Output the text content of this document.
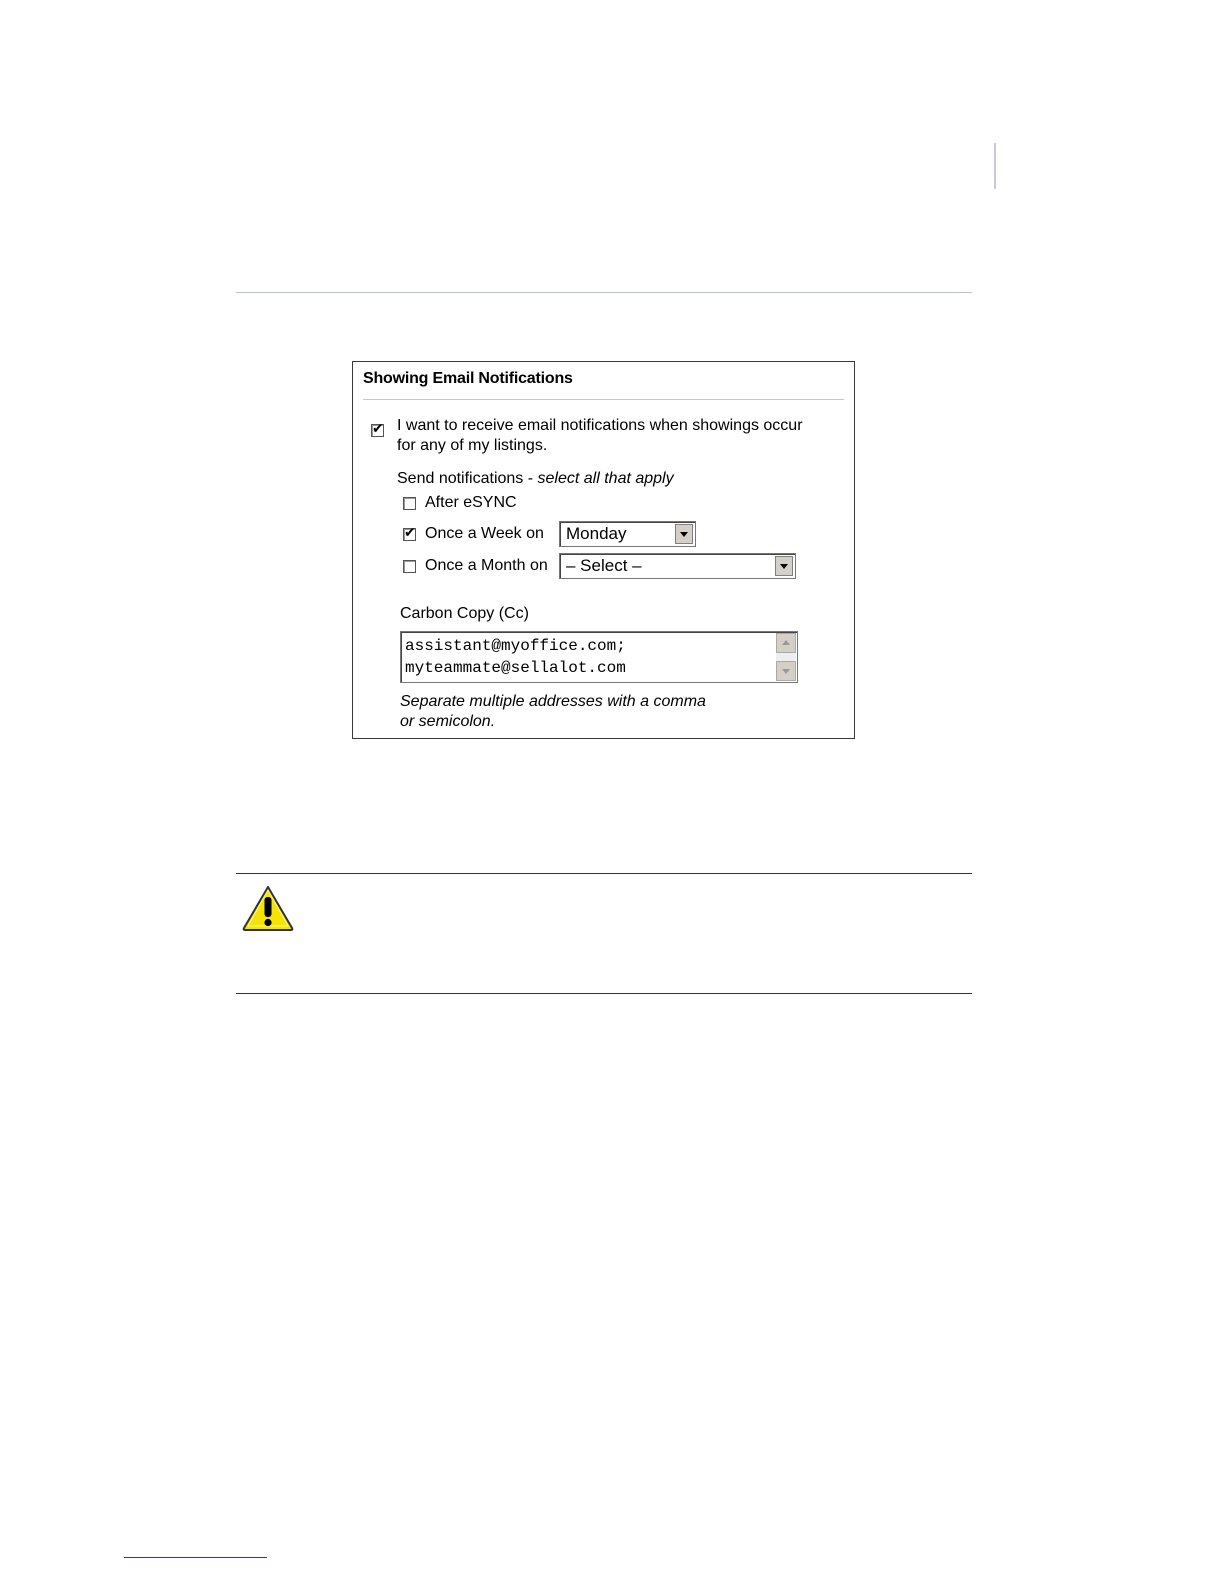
Showing Email Notifications
✔ I want to receive email notifications when showings occur
for any of my listings.
Send notifications - select all that apply
After eSYNC
✔ Once a Week on Monday
Once a Month on – Select –
Carbon Copy (Cc)
assistant@myoffice.com;
myteammate@sellalot.com
Separate multiple addresses with a comma
or semicolon.
